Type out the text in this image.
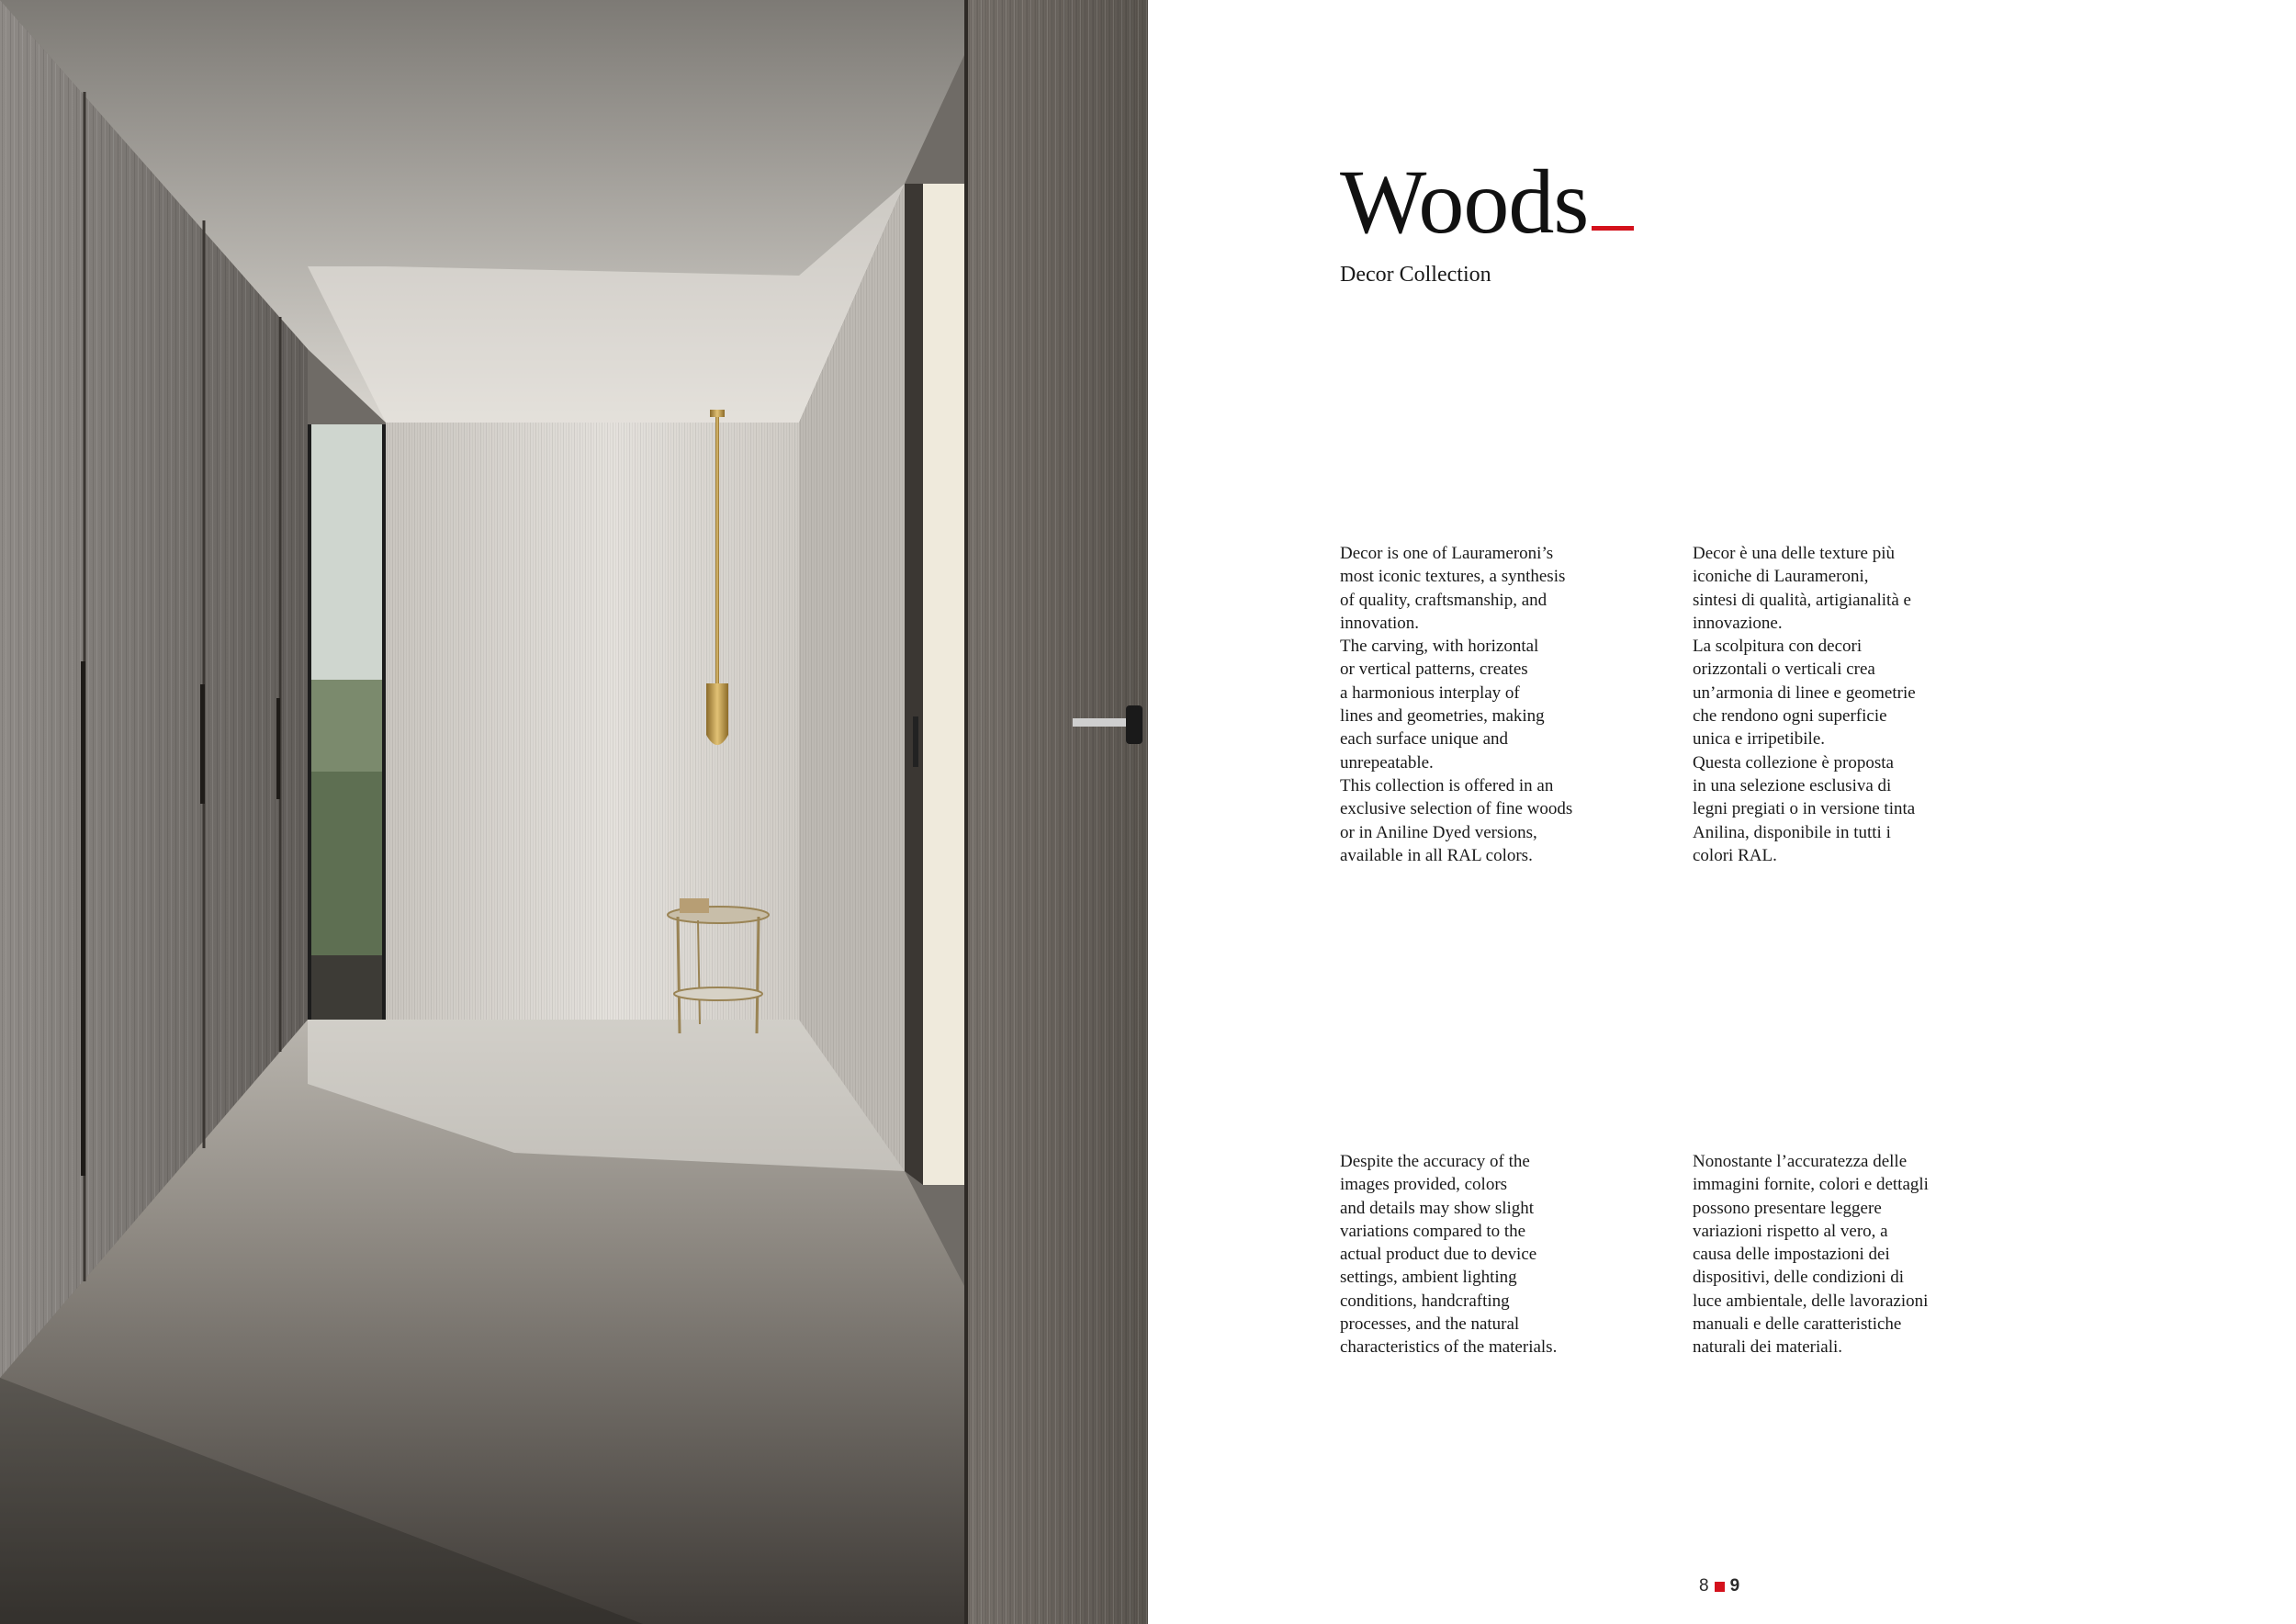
Woods
Decor Collection
Decor is one of Laurameroni’s
most iconic textures, a synthesis
of quality, craftsmanship, and
innovation.
The carving, with horizontal
or vertical patterns, creates
a harmonious interplay of
lines and geometries, making
each surface unique and
unrepeatable.
This collection is offered in an
exclusive selection of fine woods
or in Aniline Dyed versions,
available in all RAL colors.
Decor è una delle texture più
iconiche di Laurameroni,
sintesi di qualità, artigianalità e
innovazione.
La scolpitura con decori
orizzontali o verticali crea
un’armonia di linee e geometrie
che rendono ogni superficie
unica e irripetibile.
Questa collezione è proposta
in una selezione esclusiva di
legni pregiati o in versione tinta
Anilina, disponibile in tutti i
colori RAL.
Despite the accuracy of the
images provided, colors
and details may show slight
variations compared to the
actual product due to device
settings, ambient lighting
conditions, handcrafting
processes, and the natural
characteristics of the materials.
Nonostante l’accuratezza delle
immagini fornite, colori e dettagli
possono presentare leggere
variazioni rispetto al vero, a
causa delle impostazioni dei
dispositivi, delle condizioni di
luce ambientale, delle lavorazioni
manuali e delle caratteristiche
naturali dei materiali.
8 9
